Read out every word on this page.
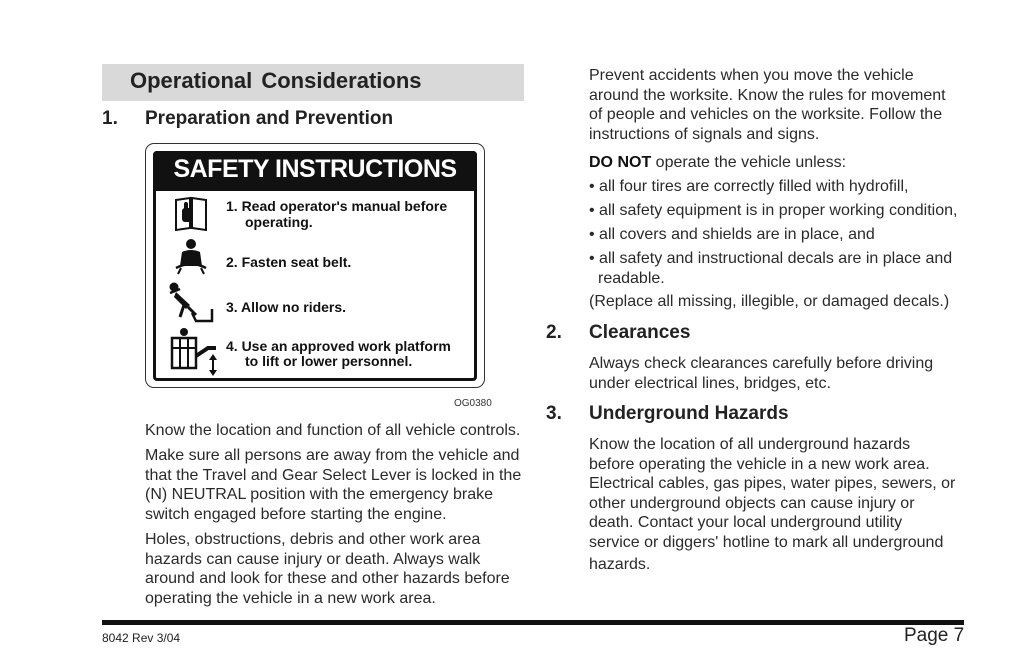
Operational Considerations
1. Preparation and Prevention
SAFETY INSTRUCTIONS
1. Read operator's manual before
operating.
2. Fasten seat belt.
3. Allow no riders.
4. Use an approved work platform
to lift or lower personnel.
OG0380
Know the location and function of all vehicle controls.
Make sure all persons are away from the vehicle and
that the Travel and Gear Select Lever is locked in the
(N) NEUTRAL position with the emergency brake
switch engaged before starting the engine.
Holes, obstructions, debris and other work area
hazards can cause injury or death. Always walk
around and look for these and other hazards before
operating the vehicle in a new work area.
Prevent accidents when you move the vehicle
around the worksite. Know the rules for movement
of people and vehicles on the worksite. Follow the
instructions of signals and signs.
DO NOT operate the vehicle unless:
• all four tires are correctly filled with hydrofill,
• all safety equipment is in proper working condition,
• all covers and shields are in place, and
• all safety and instructional decals are in place and
readable.
(Replace all missing, illegible, or damaged decals.)
2. Clearances
Always check clearances carefully before driving
under electrical lines, bridges, etc.
3. Underground Hazards
Know the location of all underground hazards
before operating the vehicle in a new work area.
Electrical cables, gas pipes, water pipes, sewers, or
other underground objects can cause injury or
death. Contact your local underground utility
service or diggers' hotline to mark all underground
hazards.
8042 Rev 3/04	Page 7
